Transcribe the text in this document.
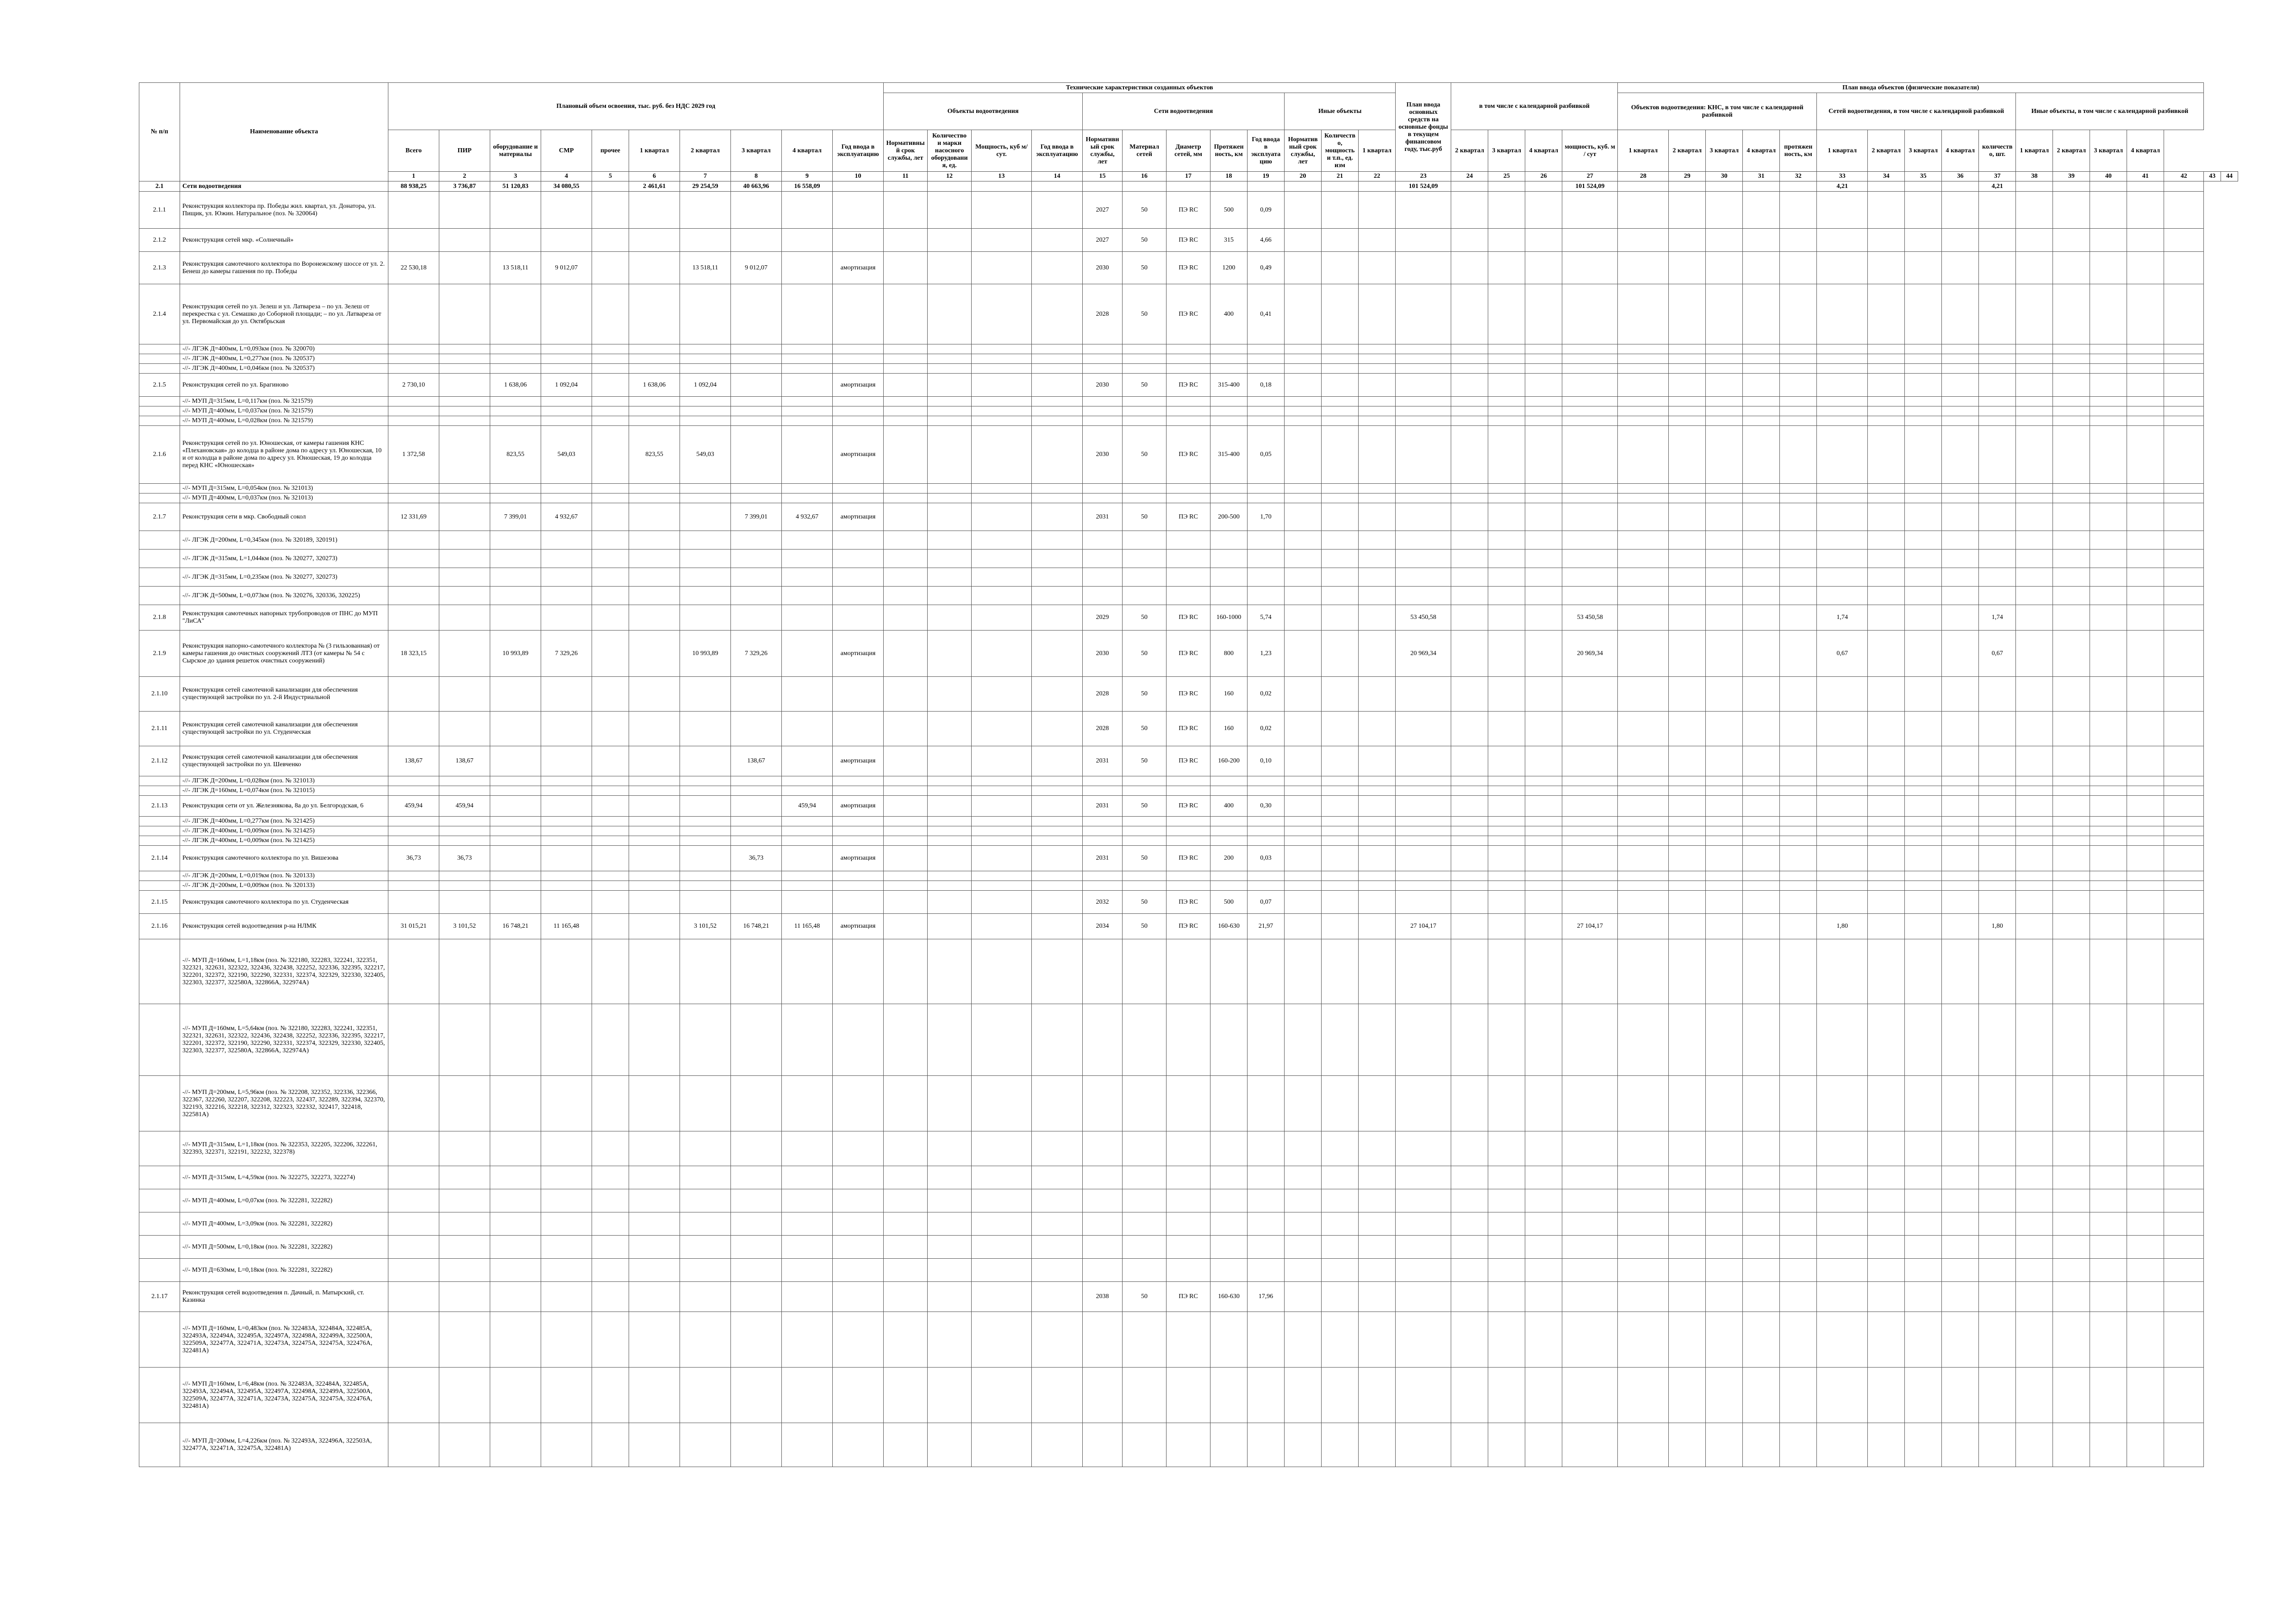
№ п/п	Наименование объекта	Плановый объем освоения, тыс. руб. без НДС 2029 год										Технические характеристики созданных объектов												План ввода основных средств на основные фонды в текущем финансовом году, тыс.руб	в том числе с календарной разбивкой				План ввода объектов (физические показатели)																
												Объекты водоотведения				Сети водоотведения					Иные объекты								Объектов водоотведения: КНС, в том числе с календарной разбивкой					Сетей водоотведения, в том числе с календарной разбивкой					Иные объекты, в том числе с календарной разбивкой						
		Всего	ПИР	оборудование и материалы	СМР	прочее	1 квартал	2 квартал	3 квартал	4 квартал	Год ввода в эксплуатацию	Нормативный срок службы, лет	Количество и марки насосного оборудования, ед.	Мощность, куб м/сут.	Год ввода в эксплуатацию	Нормативный срок службы, лет	Материал сетей	Диаметр сетей, мм	Протяженность, км	Год ввода в эксплуатацию	Нормативный срок службы, лет	Количество, мощность и т.п., ед. изм	1 квартал		2 квартал	3 квартал	4 квартал	мощность, куб. м / сут	1 квартал	2 квартал	3 квартал	4 квартал	протяженность, км	1 квартал	2 квартал	3 квартал	4 квартал	количество, шт.	1 квартал	2 квартал	3 квартал	4 квартал			
		1	2	3	4	5	6	7	8	9	10	11	12	13	14	15	16	17	18	19	20	21	22	23	24	25	26	27	28	29	30	31	32	33	34	35	36	37	38	39	40	41	42	43	44
2.1	Сети водоотведения	88 938,25	3 736,87	51 120,83	34 080,55		2 461,61	29 254,59	40 663,96	16 558,09														101 524,09				101 524,09						4,21				4,21							
2.1.1	Реконструкция коллектора пр. Победы жил. квартал, ул. Донатора, ул. Пищик, ул. Южин. Натуральное (поз. № 320064)															2027	50	ПЭ RC	500	0,09																									
2.1.2	Реконструкция сетей мкр. «Солнечный»															2027	50	ПЭ RC	315	4,66																									
2.1.3	Реконструкция самотечного коллектора по Воронежскому шоссе от ул. 2. Бенеш до камеры гашения по пр. Победы	22 530,18		13 518,11	9 012,07			13 518,11	9 012,07		амортизация					2030	50	ПЭ RC	1200	0,49																									
2.1.4	Реконструкция сетей по ул. Зелеш и ул. Латвареза – по ул. Зелеш от перекрестка с ул. Семашко до Соборной площади; – по ул. Латвареза от ул. Первомайская до ул. Октябрьская															2028	50	ПЭ RC	400	0,41																									
	-//- ЛГЭК Д=400мм, L=0,093км (поз. № 320070)																																												
	-//- ЛГЭК Д=400мм, L=0,277км (поз. № 320537)																																												
	-//- ЛГЭК Д=400мм, L=0,046км (поз. № 320537)																																												
2.1.5	Реконструкция сетей по ул. Брагиново	2 730,10		1 638,06	1 092,04		1 638,06	1 092,04			амортизация					2030	50	ПЭ RC	315-400	0,18																									
	-//- МУП Д=315мм, L=0,117км (поз. № 321579)																																												
	-//- МУП Д=400мм, L=0,037км (поз. № 321579)																																												
	-//- МУП Д=400мм, L=0,028км (поз. № 321579)																																												
2.1.6	Реконструкция сетей по ул. Юношеская, от камеры гашения КНС «Плехановская» до колодца в районе дома по адресу ул. Юношеская, 10 и от колодца в районе дома по адресу ул. Юношеская, 19 до колодца перед КНС «Юношеская»	1 372,58		823,55	549,03		823,55	549,03			амортизация					2030	50	ПЭ RC	315-400	0,05																									
	-//- МУП Д=315мм, L=0,054км (поз. № 321013)																																												
	-//- МУП Д=400мм, L=0,037км (поз. № 321013)																																												
2.1.7	Реконструкция сети в мкр. Свободный сокол	12 331,69		7 399,01	4 932,67				7 399,01	4 932,67	амортизация					2031	50	ПЭ RC	200-500	1,70																									
	-//- ЛГЭК Д=200мм, L=0,345км (поз. № 320189, 320191)																																												
	-//- ЛГЭК Д=315мм, L=1,044км (поз. № 320277, 320273)																																												
	-//- ЛГЭК Д=315мм, L=0,235км (поз. № 320277, 320273)																																												
	-//- ЛГЭК Д=500мм, L=0,073км (поз. № 320276, 320336, 320225)																																												
2.1.8	Реконструкция самотечных напорных трубопроводов от ПНС до МУП "ЛиСА"															2029	50	ПЭ RC	160-1000	5,74				53 450,58				53 450,58						1,74				1,74							
2.1.9	Реконструкция напорно-самотечного коллектора № (3 гильзованная) от камеры гашения до очистных сооружений ЛТЗ (от камеры № 54 с Сырское до здания решеток очистных сооружений)	18 323,15		10 993,89	7 329,26			10 993,89	7 329,26		амортизация					2030	50	ПЭ RC	800	1,23				20 969,34				20 969,34						0,67				0,67							
2.1.10	Реконструкция сетей самотечной канализации для обеспечения существующей застройки по ул. 2-й Индустриальной															2028	50	ПЭ RC	160	0,02																									
2.1.11	Реконструкция сетей самотечной канализации для обеспечения существующей застройки по ул. Студенческая															2028	50	ПЭ RC	160	0,02																									
2.1.12	Реконструкция сетей самотечной канализации для обеспечения существующей застройки по ул. Шевченко	138,67	138,67						138,67		амортизация					2031	50	ПЭ RC	160-200	0,10																									
	-//- ЛГЭК Д=200мм, L=0,028км (поз. № 321013)																																												
	-//- ЛГЭК Д=160мм, L=0,074км (поз. № 321015)																																												
2.1.13	Реконструкция сети от ул. Железнякова, 8а до ул. Белгородская, 6	459,94	459,94							459,94	амортизация					2031	50	ПЭ RC	400	0,30																									
	-//- ЛГЭК Д=400мм, L=0,277км (поз. № 321425)																																												
	-//- ЛГЭК Д=400мм, L=0,009км (поз. № 321425)																																												
	-//- ЛГЭК Д=400мм, L=0,009км (поз. № 321425)																																												
2.1.14	Реконструкция самотечного коллектора по ул. Вишезова	36,73	36,73						36,73		амортизация					2031	50	ПЭ RC	200	0,03																									
	-//- ЛГЭК Д=200мм, L=0,019км (поз. № 320133)																																												
	-//- ЛГЭК Д=200мм, L=0,009км (поз. № 320133)																																												
2.1.15	Реконструкция самотечного коллектора по ул. Студенческая															2032	50	ПЭ RC	500	0,07																									
2.1.16	Реконструкция сетей водоотведения р-на НЛМК	31 015,21	3 101,52	16 748,21	11 165,48			3 101,52	16 748,21	11 165,48	амортизация					2034	50	ПЭ RC	160-630	21,97				27 104,17				27 104,17						1,80				1,80							
	-//- МУП Д=160мм, L=1,18км (поз. № 322180, 322283, 322241, 322351, 322321, 322631, 322322, 322436, 322438, 322252, 322336, 322395, 322217, 322201, 322372, 322190, 322290, 322331, 322374, 322329, 322330, 322405, 322303, 322377, 322580А, 322866А, 322974А)																																												
	-//- МУП Д=160мм, L=5,64км (поз. № 322180, 322283, 322241, 322351, 322321, 322631, 322322, 322436, 322438, 322252, 322336, 322395, 322217, 322201, 322372, 322190, 322290, 322331, 322374, 322329, 322330, 322405, 322303, 322377, 322580А, 322866А, 322974А)																																												
	-//- МУП Д=200мм, L=5,96км (поз. № 322208, 322352, 322336, 322366, 322367, 322260, 322207, 322208, 322223, 322437, 322289, 322394, 322370, 322193, 322216, 322218, 322312, 322323, 322332, 322417, 322418, 322581А)																																												
	-//- МУП Д=315мм, L=1,18км (поз. № 322353, 322205, 322206, 322261, 322393, 322371, 322191, 322232, 322378)																																												
	-//- МУП Д=315мм, L=4,59км (поз. № 322275, 322273, 322274)																																												
	-//- МУП Д=400мм, L=0,07км (поз. № 322281, 322282)																																												
	-//- МУП Д=400мм, L=3,09км (поз. № 322281, 322282)																																												
	-//- МУП Д=500мм, L=0,18км (поз. № 322281, 322282)																																												
	-//- МУП Д=630мм, L=0,18км (поз. № 322281, 322282)																																												
2.1.17	Реконструкция сетей водоотведения п. Дачный, п. Матырский, ст. Казинка															2038	50	ПЭ RC	160-630	17,96																									
	-//- МУП Д=160мм, L=0,483км (поз. № 322483А, 322484А, 322485А, 322493А, 322494А, 322495А, 322497А, 322498А, 322499А, 322500А, 322509А, 322477А, 322471А, 322473А, 322475А, 322475А, 322476А, 322481А)																																												
	-//- МУП Д=160мм, L=6,48км (поз. № 322483А, 322484А, 322485А, 322493А, 322494А, 322495А, 322497А, 322498А, 322499А, 322500А, 322509А, 322477А, 322471А, 322473А, 322475А, 322475А, 322476А, 322481А)																																												
	-//- МУП Д=200мм, L=4,226км (поз. № 322493А, 322496А, 322503А, 322477А, 322471А, 322475А, 322481А)																																												
